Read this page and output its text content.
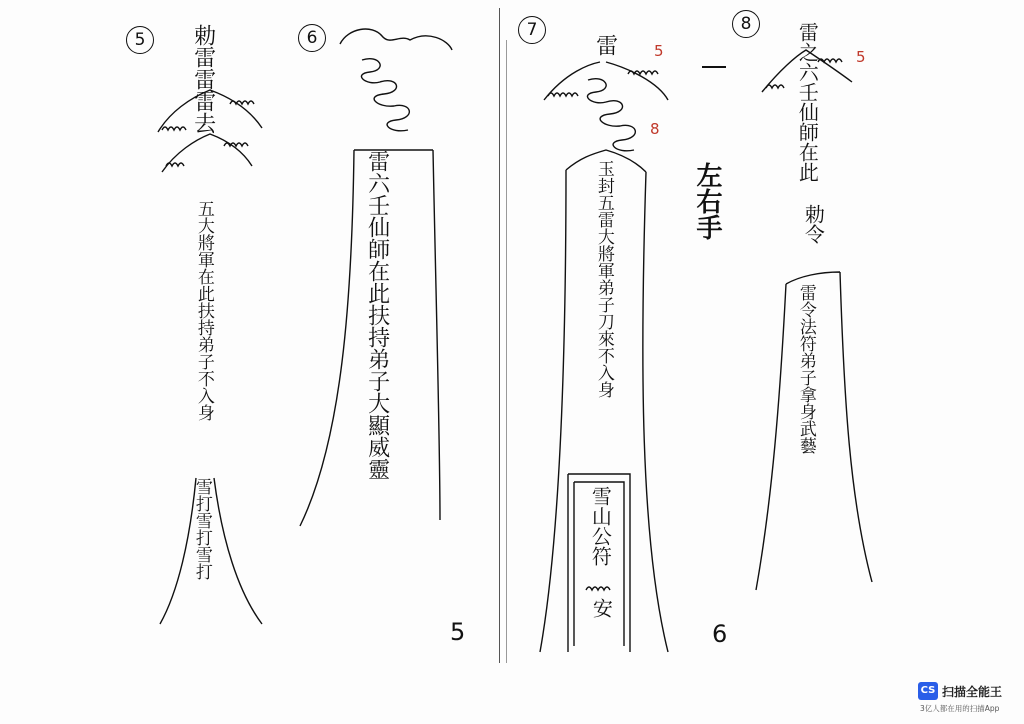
5	勅雷雷雷去
五大將軍在此扶持弟子不入身
雪打雪打雪打
6
雷六壬仙師在此扶持弟子大顯威靈
7
雷
玉封五雷大將軍弟子刀來不入身
雪山公符
安
8	雷之六壬仙師在此
勅令
雷令法符弟子拿身武藝
5
8
5
左右手
5	6
CS 扫描全能王
3亿人都在用的扫描App
